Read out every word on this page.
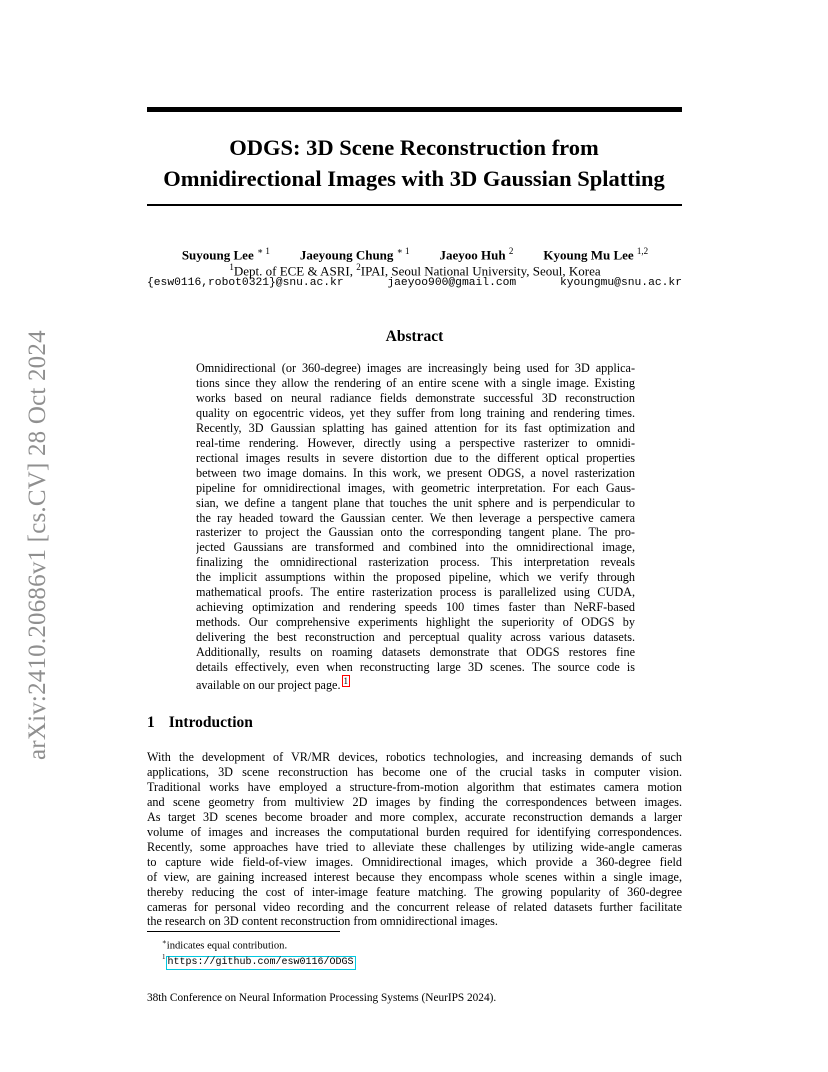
arXiv:2410.20686v1 [cs.CV] 28 Oct 2024
ODGS: 3D Scene Reconstruction from
Omnidirectional Images with 3D Gaussian Splatting
Suyoung Lee $^{∗ 1}$ Jaeyoung Chung $^{∗ 1}$ Jaeyoo Huh $^2$ Kyoung Mu Lee $^{1,2}$
$^1$Dept. of ECE & ASRI, $^2$IPAI, Seoul National University, Seoul, Korea
{esw0116,robot0321}@snu.ac.kr	jaeyoo900@gmail.com	kyoungmu@snu.ac.kr
Abstract
Omnidirectional (or 360-degree) images are increasingly being used for 3D applica-
tions since they allow the rendering of an entire scene with a single image. Existing
works based on neural radiance fields demonstrate successful 3D reconstruction
quality on egocentric videos, yet they suffer from long training and rendering times.
Recently, 3D Gaussian splatting has gained attention for its fast optimization and
real-time rendering. However, directly using a perspective rasterizer to omnidi-
rectional images results in severe distortion due to the different optical properties
between two image domains. In this work, we present ODGS, a novel rasterization
pipeline for omnidirectional images, with geometric interpretation. For each Gaus-
sian, we define a tangent plane that touches the unit sphere and is perpendicular to
the ray headed toward the Gaussian center. We then leverage a perspective camera
rasterizer to project the Gaussian onto the corresponding tangent plane. The pro-
jected Gaussians are transformed and combined into the omnidirectional image,
finalizing the omnidirectional rasterization process. This interpretation reveals
the implicit assumptions within the proposed pipeline, which we verify through
mathematical proofs. The entire rasterization process is parallelized using CUDA,
achieving optimization and rendering speeds 100 times faster than NeRF-based
methods. Our comprehensive experiments highlight the superiority of ODGS by
delivering the best reconstruction and perceptual quality across various datasets.
Additionally, results on roaming datasets demonstrate that ODGS restores fine
details effectively, even when reconstructing large 3D scenes. The source code is
available on our project page. 1
1 Introduction
With the development of VR/MR devices, robotics technologies, and increasing demands of such
applications, 3D scene reconstruction has become one of the crucial tasks in computer vision.
Traditional works have employed a structure-from-motion algorithm that estimates camera motion
and scene geometry from multiview 2D images by finding the correspondences between images.
As target 3D scenes become broader and more complex, accurate reconstruction demands a larger
volume of images and increases the computational burden required for identifying correspondences.
Recently, some approaches have tried to alleviate these challenges by utilizing wide-angle cameras
to capture wide field-of-view images. Omnidirectional images, which provide a 360-degree field
of view, are gaining increased interest because they encompass whole scenes within a single image,
thereby reducing the cost of inter-image feature matching. The growing popularity of 360-degree
cameras for personal video recording and the concurrent release of related datasets further facilitate
the research on 3D content reconstruction from omnidirectional images.
∗indicates equal contribution.
$^1$ https://github.com/esw0116/ODGS
38th Conference on Neural Information Processing Systems (NeurIPS 2024).
